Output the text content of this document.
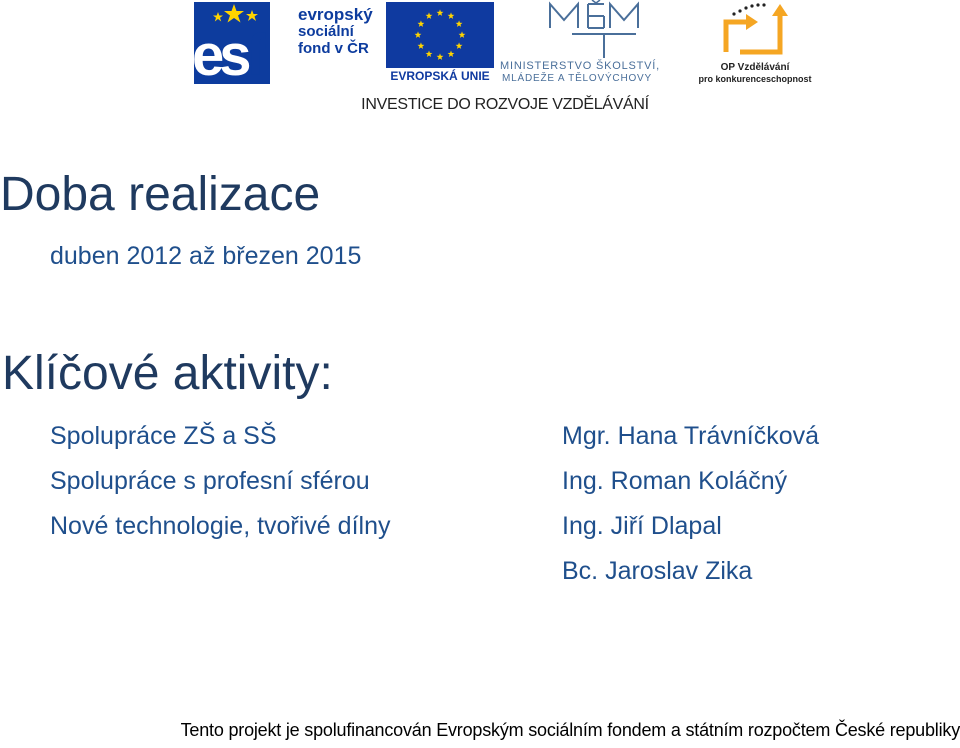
esf
evropský
sociální
fond v ČR
EVROPSKÁ UNIE
MINISTERSTVO ŠKOLSTVÍ,
MLÁDEŽE A TĚLOVÝCHOVY
OP Vzdělávání
pro konkurenceschopnost
INVESTICE DO ROZVOJE VZDĚLÁVÁNÍ
Doba realizace
duben 2012 až březen 2015
Klíčové aktivity:
Spolupráce ZŠ a SŠ
Spolupráce s profesní sférou
Nové technologie, tvořivé dílny
Mgr. Hana Trávníčková
Ing. Roman Koláčný
Ing. Jiří Dlapal
Bc. Jaroslav Zika
Tento projekt je spolufinancován Evropským sociálním fondem a státním rozpočtem České republiky
